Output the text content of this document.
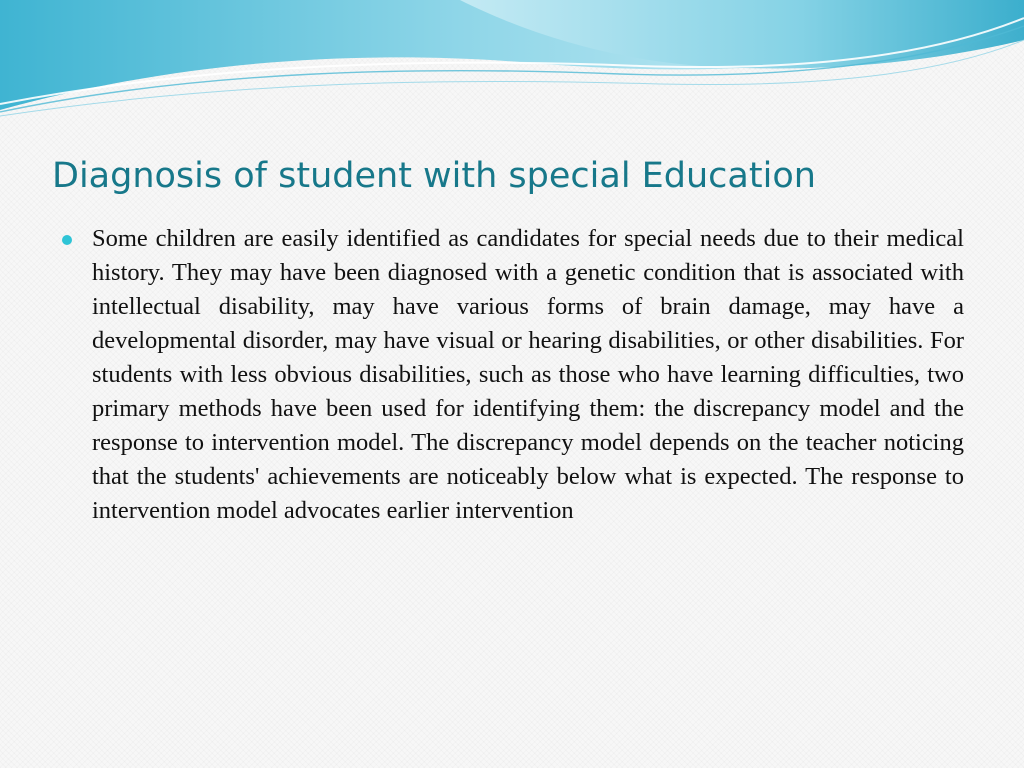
Diagnosis of student with special Education
Some children are easily identified as candidates for special needs due to their medical history. They may have been diagnosed with a genetic condition that is associated with intellectual disability, may have various forms of brain damage, may have a developmental disorder, may have visual or hearing disabilities, or other disabilities. For students with less obvious disabilities, such as those who have learning difficulties, two primary methods have been used for identifying them: the discrepancy model and the response to intervention model. The discrepancy model depends on the teacher noticing that the students' achievements are noticeably below what is expected. The response to intervention model advocates earlier intervention
